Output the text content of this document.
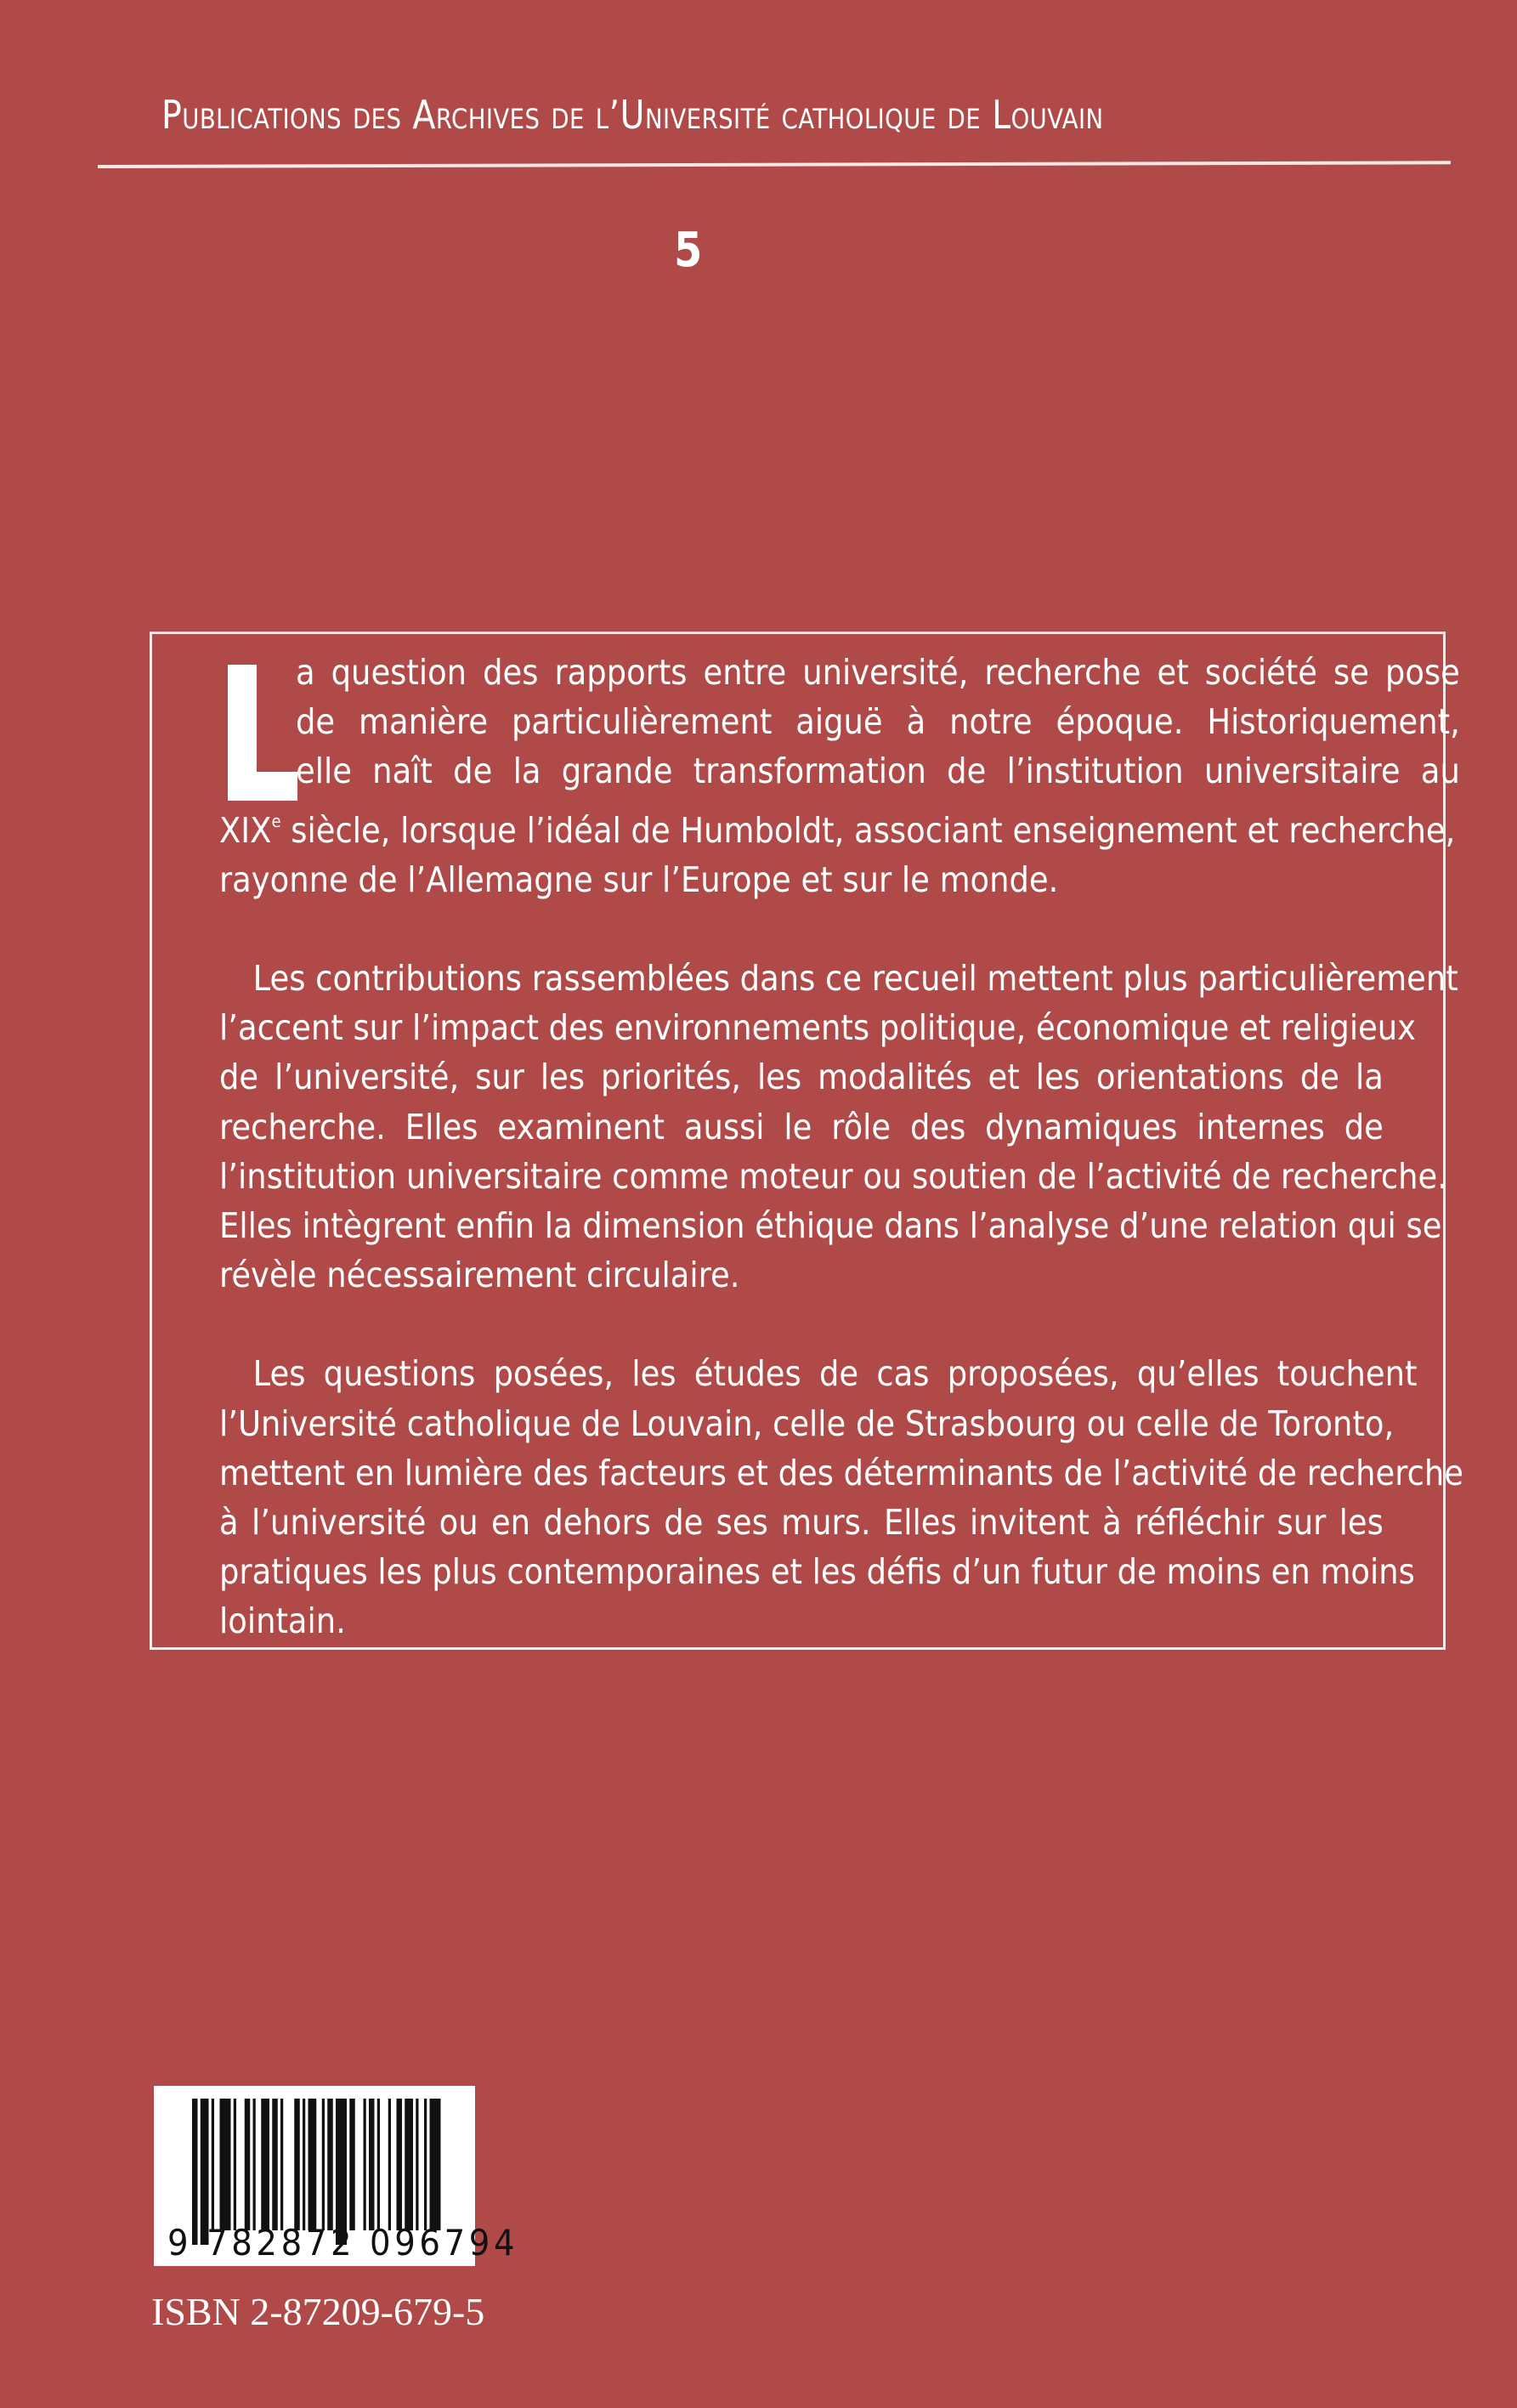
Publications des Archives de l’Université catholique de Louvain
5
a question des rapports entre université, recherche et société se pose
de manière particulièrement aiguë à notre époque. Historiquement,
elle naît de la grande transformation de l’institution universitaire au
XIXe siècle, lorsque l’idéal de Humboldt, associant enseignement et recherche,
rayonne de l’Allemagne sur l’Europe et sur le monde.
Les contributions rassemblées dans ce recueil mettent plus particulièrement
l’accent sur l’impact des environnements politique, économique et religieux
de l’université, sur les priorités, les modalités et les orientations de la
recherche. Elles examinent aussi le rôle des dynamiques internes de
l’institution universitaire comme moteur ou soutien de l’activité de recherche.
Elles intègrent enfin la dimension éthique dans l’analyse d’une relation qui se
révèle nécessairement circulaire.
Les questions posées, les études de cas proposées, qu’elles touchent
l’Université catholique de Louvain, celle de Strasbourg ou celle de Toronto,
mettent en lumière des facteurs et des déterminants de l’activité de recherche
à l’université ou en dehors de ses murs. Elles invitent à réfléchir sur les
pratiques les plus contemporaines et les défis d’un futur de moins en moins
lointain.
9 782872 096794
ISBN 2-87209-679-5
